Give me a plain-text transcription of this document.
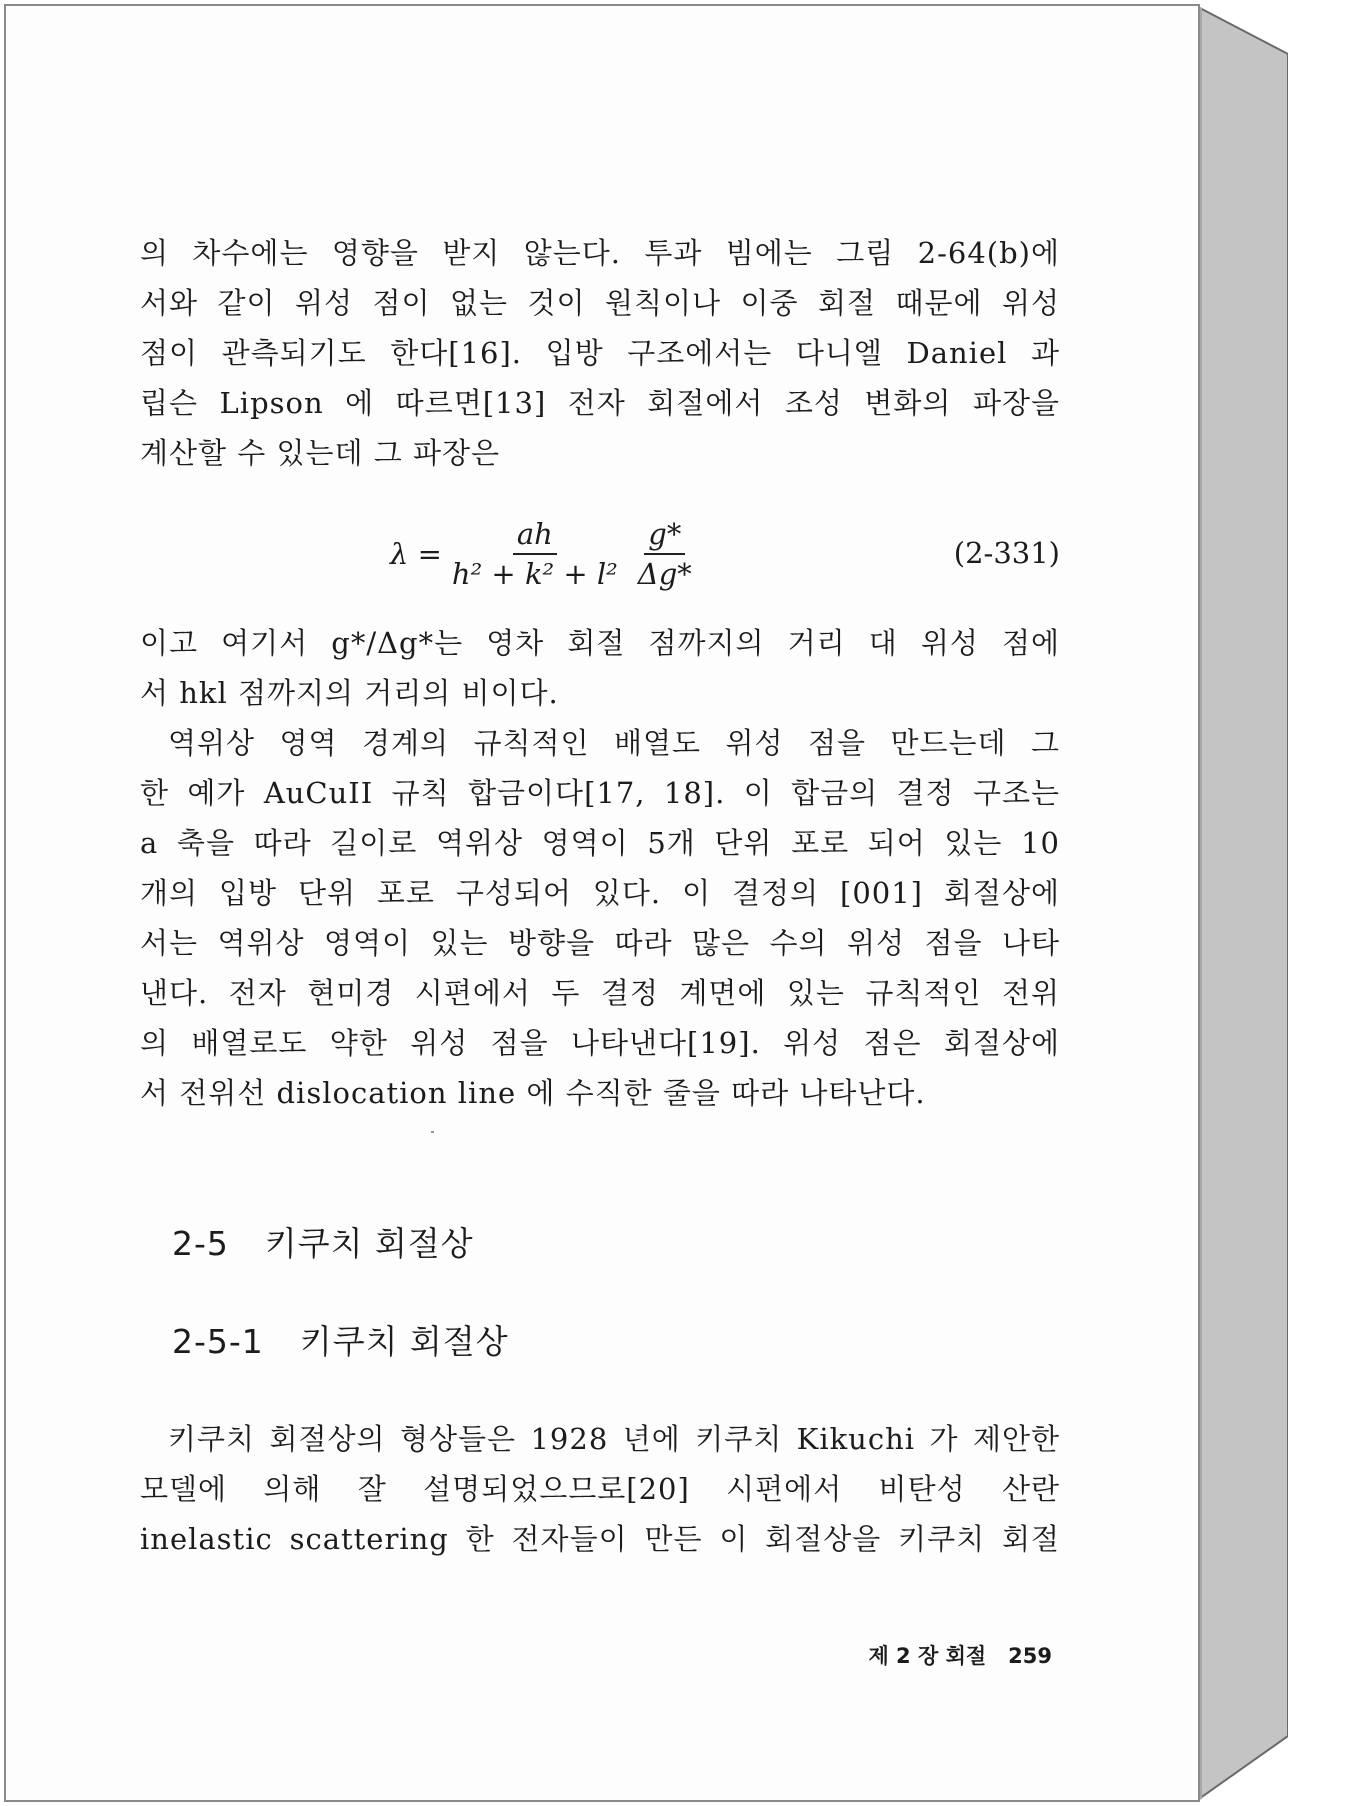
의 차수에는 영향을 받지 않는다. 투과 빔에는 그림 2-64(b)에

서와 같이 위성 점이 없는 것이 원칙이나 이중 회절 때문에 위성

점이 관측되기도 한다[16]. 입방 구조에서는 다니엘 Daniel 과

립슨 Lipson 에 따르면[13] 전자 회절에서 조성 변화의 파장을

계산할 수 있는데 그 파장은

$\lambda = \frac{ah}{\text{h² + k² + l²}} \frac{g*}{\Delta g*}$	(2-331)

이고 여기서 g*/Δg*는 영차 회절 점까지의 거리 대 위성 점에

서 hkl 점까지의 거리의 비이다.

역위상 영역 경계의 규칙적인 배열도 위성 점을 만드는데 그

한 예가 AuCuII 규칙 합금이다[17, 18]. 이 합금의 결정 구조는

a 축을 따라 길이로 역위상 영역이 5개 단위 포로 되어 있는 10

개의 입방 단위 포로 구성되어 있다. 이 결정의 [001] 회절상에

서는 역위상 영역이 있는 방향을 따라 많은 수의 위성 점을 나타

낸다. 전자 현미경 시편에서 두 결정 계면에 있는 규칙적인 전위

의 배열로도 약한 위성 점을 나타낸다[19]. 위성 점은 회절상에

서 전위선 dislocation line 에 수직한 줄을 따라 나타난다.

2-5 키쿠치 회절상
2-5-1 키쿠치 회절상

키쿠치 회절상의 형상들은 1928 년에 키쿠치 Kikuchi 가 제안한

모델에 의해 잘 설명되었으므로[20] 시편에서 비탄성 산란

inelastic scattering 한 전자들이 만든 이 회절상을 키쿠치 회절

제 2 장 회절 259
